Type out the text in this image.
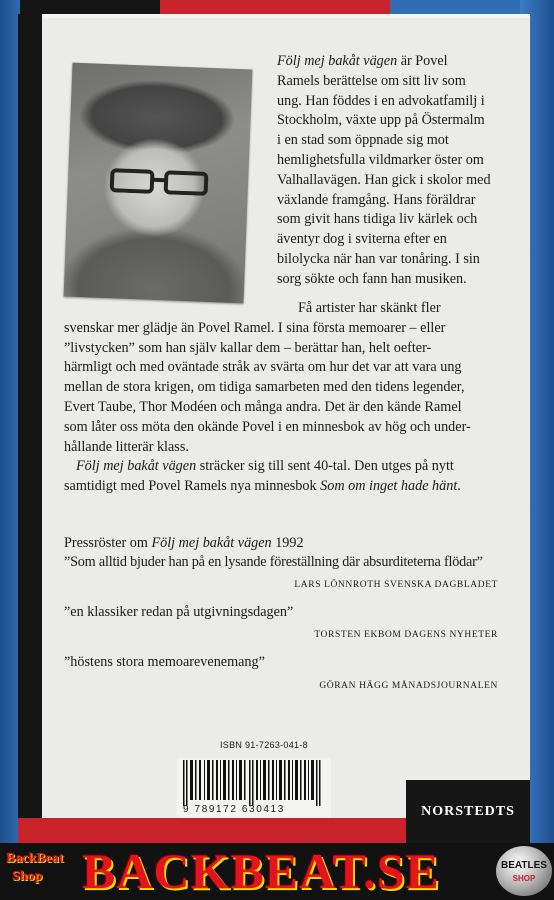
NORSTEDTS
Följ mej bakåt vägen är Povel
Ramels berättelse om sitt liv som
ung. Han föddes i en advokatfamilj i
Stockholm, växte upp på Östermalm
i en stad som öppnade sig mot
hemlighetsfulla vildmarker öster om
Valhallavägen. Han gick i skolor med
växlande framgång. Hans föräldrar
som givit hans tidiga liv kärlek och
äventyr dog i sviterna efter en
bilolycka när han var tonåring. I sin
sorg sökte och fann han musiken.
Få artister har skänkt fler
svenskar mer glädje än Povel Ramel. I sina första memoarer – eller
”livstycken” som han själv kallar dem – berättar han, helt oefter-
härmligt och med oväntade stråk av svärta om hur det var att vara ung
mellan de stora krigen, om tidiga samarbeten med den tidens legender,
Evert Taube, Thor Modéen och många andra. Det är den kände Ramel
som låter oss möta den okände Povel i en minnesbok av hög och under-
hållande litterär klass.
Följ mej bakåt vägen sträcker sig till sent 40-tal. Den utges på nytt
samtidigt med Povel Ramels nya minnesbok Som om inget hade hänt.
Pressröster om Följ mej bakåt vägen 1992
”Som alltid bjuder han på en lysande föreställning där absurditeterna flödar”
LARS LÖNNROTH SVENSKA DAGBLADET
”en klassiker redan på utgivningsdagen”
TORSTEN EKBOM DAGENS NYHETER
”höstens stora memoarevenemang”
GÖRAN HÄGG MÅNADSJOURNALEN
ISBN 91-7263-041-8
9 789172 630413
BackBeat
Shop BACKBEAT.SE	BEATLES
SHOP
